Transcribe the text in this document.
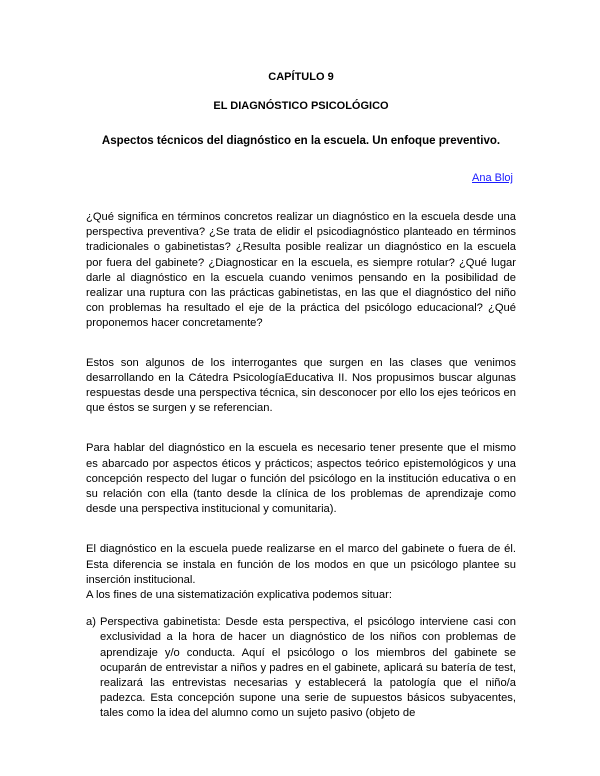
CAPÍTULO 9

EL DIAGNÓSTICO PSICOLÓGICO

Aspectos técnicos del diagnóstico en la escuela. Un enfoque preventivo.

Ana Bloj

¿Qué significa en términos concretos realizar un diagnóstico en la escuela desde una perspectiva preventiva? ¿Se trata de elidir el psicodiagnóstico planteado en términos tradicionales o gabinetistas? ¿Resulta posible realizar un diagnóstico en la escuela por fuera del gabinete? ¿Diagnosticar en la escuela, es siempre rotular? ¿Qué lugar darle al diagnóstico en la escuela cuando venimos pensando en la posibilidad de realizar una ruptura con las prácticas gabinetistas, en las que el diagnóstico del niño con problemas ha resultado el eje de la práctica del psicólogo educacional? ¿Qué proponemos hacer concretamente?

Estos son algunos de los interrogantes que surgen en las clases que venimos desarrollando en la Cátedra PsicologíaEducativa II. Nos propusimos buscar algunas respuestas desde una perspectiva técnica, sin desconocer por ello los ejes teóricos en que éstos se surgen y se referencian.

Para hablar del diagnóstico en la escuela es necesario tener presente que el mismo es abarcado por aspectos éticos y prácticos; aspectos teórico epistemológicos y una concepción respecto del lugar o función del psicólogo en la institución educativa o en su relación con ella (tanto desde la clínica de los problemas de aprendizaje como desde una perspectiva institucional y comunitaria).

El diagnóstico en la escuela puede realizarse en el marco del gabinete o fuera de él. Esta diferencia se instala en función de los modos en que un psicólogo plantee su inserción institucional.

A los fines de una sistematización explicativa podemos situar:

a) Perspectiva gabinetista: Desde esta perspectiva, el psicólogo interviene casi con exclusividad a la hora de hacer un diagnóstico de los niños con problemas de aprendizaje y/o conducta. Aquí el psicólogo o los miembros del gabinete se ocuparán de entrevistar a niños y padres en el gabinete, aplicará su batería de test, realizará las entrevistas necesarias y establecerá la patología que el niño/a padezca. Esta concepción supone una serie de supuestos básicos subyacentes, tales como la idea del alumno como un sujeto pasivo (objeto de
